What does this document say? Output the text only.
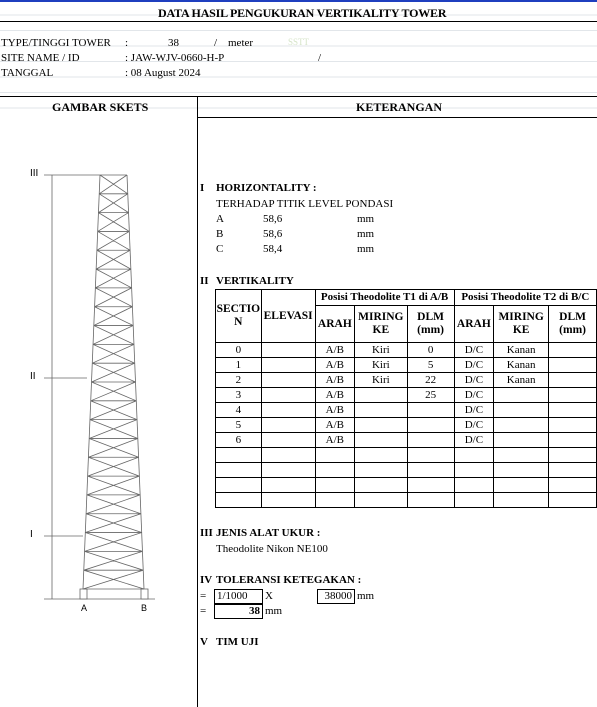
DATA HASIL PENGUKURAN VERTIKALITY TOWER
TYPE/TINGGI TOWER :	38	/ meter	SSTT
SITE NAME / ID	: JAW-WJV-0660-H-P	/
TANGGAL	: 08 August 2024
GAMBAR SKETS	KETERANGAN
III
II
I
A	B
I HORIZONTALITY :
TERHADAP TITIK LEVEL PONDASI
A	58,6	mm
B	58,6	mm
C	58,4	mm
II VERTIKALITY
SECTIO N	ELEVASI	Posisi Theodolite T1 di A/B			Posisi Theodolite T2 di B/C		
		ARAH	MIRING KE	DLM (mm)	ARAH	MIRING KE	DLM (mm)

0		A/B	Kiri	0	D/C	Kanan	
1		A/B	Kiri	5	D/C	Kanan	
2		A/B	Kiri	22	D/C	Kanan	
3		A/B		25	D/C		
4		A/B			D/C		
5		A/B			D/C		
6		A/B			D/C		

III JENIS ALAT UKUR :
Theodolite Nikon NE100
IV TOLERANSI KETEGAKAN :
= 1/1000	X	38000 mm
=	38 mm
V TIM UJI
